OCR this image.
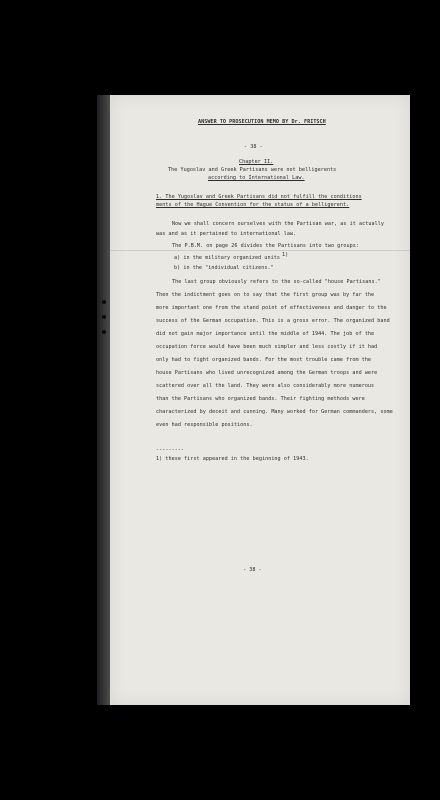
ANSWER TO PROSECUTION MEMO BY Dr. FRITSCH
- 38 -
Chapter II.
The Yugoslav and Greek Partisans were not belligerents
according to International Law.
1. The Yugoslav and Greek Partisans did not fulfill the conditions
ments of the Hague Convention for the status of a belligerent.
Now we shall concern ourselves with the Partisan war, as it actually
was and as it pertained to international law.
The P.B.M. on page 26 divides the Partisans into two groups:
a) in the military organized units 1)
b) in the "individual citizens."
The last group obviously refers to the so-called "house Partisans."
Then the indictment goes on to say that the first group was by far the
more important one from the stand point of effectiveness and danger to the
success of the German occupation. This is a gross error. The organized band
did not gain major importance until the middle of 1944. The job of the
occupation force would have been much simpler and less costly if it had
only had to fight organized bands. For the most trouble came from the
house Partisans who lived unrecognized among the German troops and were
scattered over all the land. They were also considerably more numerous
than the Partisans who organized bands. Their fighting methods were
characterized by deceit and cunning. Many worked for German commanders, some
even had responsible positions.
---------
1) these first appeared in the beginning of 1943.
- 38 -
